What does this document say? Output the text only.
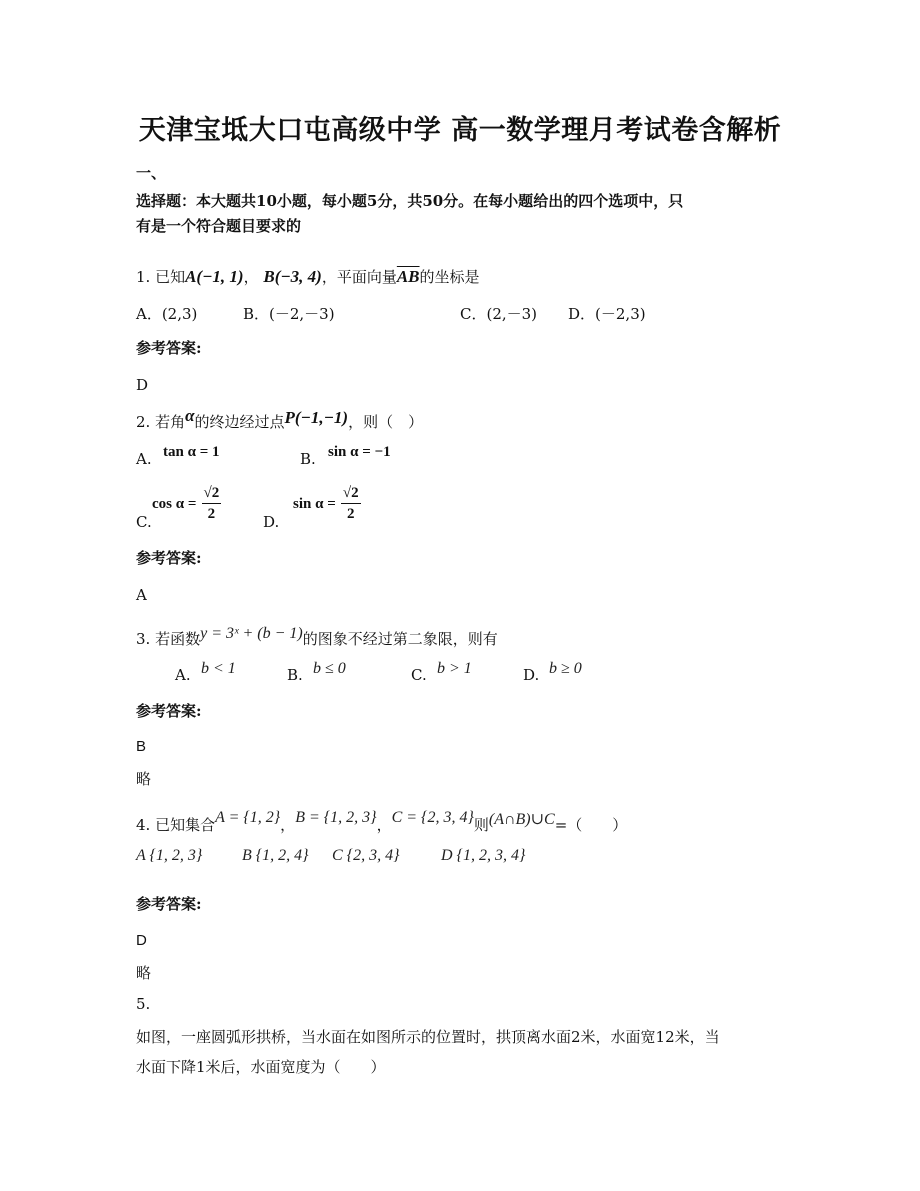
天津宝坻大口屯高级中学 高一数学理月考试卷含解析
一、
选择题：本大题共10小题，每小题5分，共50分。在每小题给出的四个选项中，只
有是一个符合题目要求的
1. 已知A(−1, 1)， B(−3, 4)，平面向量$\overline{AB}$的坐标是
A．(2,3)	B．(－2,－3)	C．(2,－3) D．(－2,3)
参考答案:
D
2. 若角α的终边经过点P(−1,−1)，则（　）
A. tan α = 1	B. sin α = −1
C.
$\cos \alpha = \frac{√2}{2}$	D.
$\sin \alpha = \frac{√2}{2}$
参考答案:
A
3. 若函数y = 3ˣ + (b − 1)的图象不经过第二象限，则有
A. b < 1	B. b ≤ 0	C. b > 1	D. b ≥ 0
参考答案:
B
略
4. 已知集合A = {1, 2}，B = {1, 2, 3}，C = {2, 3, 4}则(A∩B)∪C=（　　）
A {1, 2, 3} B {1, 2, 4} C {2, 3, 4}	D {1, 2, 3, 4}
参考答案:
D
略
5.
如图，一座圆弧形拱桥，当水面在如图所示的位置时，拱顶离水面2米，水面宽12米，当
水面下降1米后，水面宽度为（　　）
